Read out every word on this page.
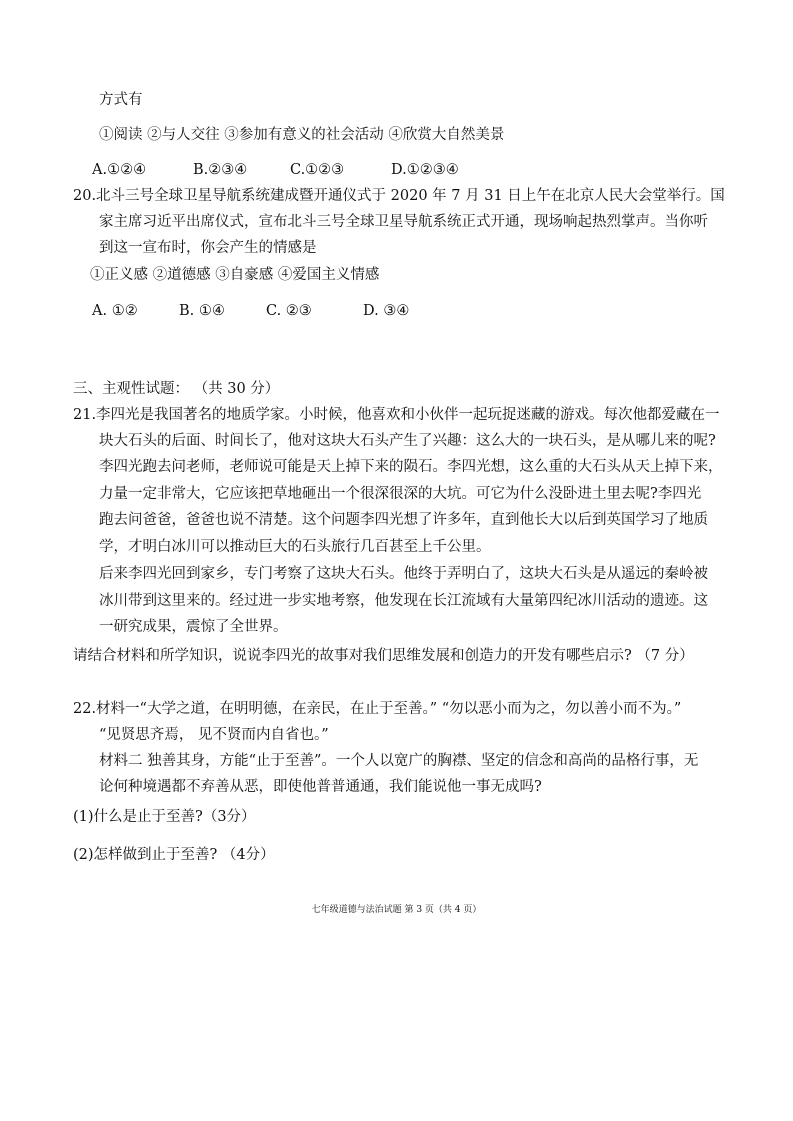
方式有
①阅读 ②与人交往 ③参加有意义的社会活动 ④欣赏大自然美景
A.①②④	B.②③④	C.①②③	D.①②③④
20.北斗三号全球卫星导航系统建成暨开通仪式于 2020 年 7 月 31 日上午在北京人民大会堂举行。国
家主席习近平出席仪式，宣布北斗三号全球卫星导航系统正式开通，现场响起热烈掌声。当你听
到这一宣布时，你会产生的情感是
①正义感 ②道德感 ③自豪感 ④爱国主义情感
A. ①②	B. ①④	C. ②③	D. ③④
三、主观性试题： （共 30 分）
21.李四光是我国著名的地质学家。小时候，他喜欢和小伙伴一起玩捉迷藏的游戏。每次他都爱藏在一
块大石头的后面、时间长了，他对这块大石头产生了兴趣：这么大的一块石头，是从哪儿来的呢?
李四光跑去问老师，老师说可能是天上掉下来的陨石。李四光想，这么重的大石头从天上掉下来，
力量一定非常大，它应该把草地砸出一个很深很深的大坑。可它为什么没卧进土里去呢?李四光
跑去问爸爸，爸爸也说不清楚。这个问题李四光想了许多年，直到他长大以后到英国学习了地质
学，才明白冰川可以推动巨大的石头旅行几百甚至上千公里。
后来李四光回到家乡，专门考察了这块大石头。他终于弄明白了，这块大石头是从遥远的秦岭被
冰川带到这里来的。经过进一步实地考察，他发现在长江流域有大量第四纪冰川活动的遗迹。这
一研究成果，震惊了全世界。
请结合材料和所学知识，说说李四光的故事对我们思维发展和创造力的开发有哪些启示? （7 分）
22.材料一“大学之道，在明明德，在亲民，在止于至善。” “勿以恶小而为之，勿以善小而不为。”
“见贤思齐焉， 见不贤而内自省也。”
材料二 独善其身，方能“止于至善”。一个人以宽广的胸襟、坚定的信念和高尚的品格行事，无
论何种境遇都不弃善从恶，即使他普普通通，我们能说他一事无成吗?
(1)什么是止于至善?（3分）
(2)怎样做到止于至善? （4分）
七年级道德与法治试题 第 3 页（共 4 页）
